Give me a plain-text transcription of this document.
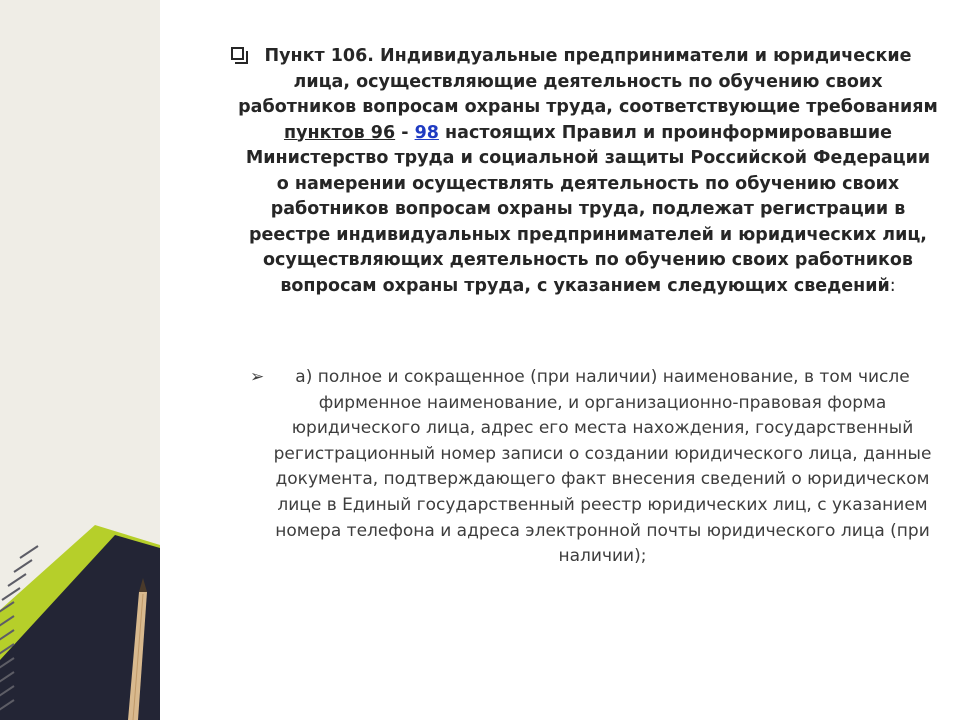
Пункт 106. Индивидуальные предприниматели и юридические лица, осуществляющие деятельность по обучению своих работников вопросам охраны труда, соответствующие требованиям пунктов 96 - 98 настоящих Правил и проинформировавшие Министерство труда и социальной защиты Российской Федерации о намерении осуществлять деятельность по обучению своих работников вопросам охраны труда, подлежат регистрации в реестре индивидуальных предпринимателей и юридических лиц, осуществляющих деятельность по обучению своих работников вопросам охраны труда, с указанием следующих сведений:
➢ а) полное и сокращенное (при наличии) наименование, в том числе фирменное наименование, и организационно-правовая форма юридического лица, адрес его места нахождения, государственный регистрационный номер записи о создании юридического лица, данные документа, подтверждающего факт внесения сведений о юридическом лице в Единый государственный реестр юридических лиц, с указанием номера телефона и адреса электронной почты юридического лица (при наличии);
